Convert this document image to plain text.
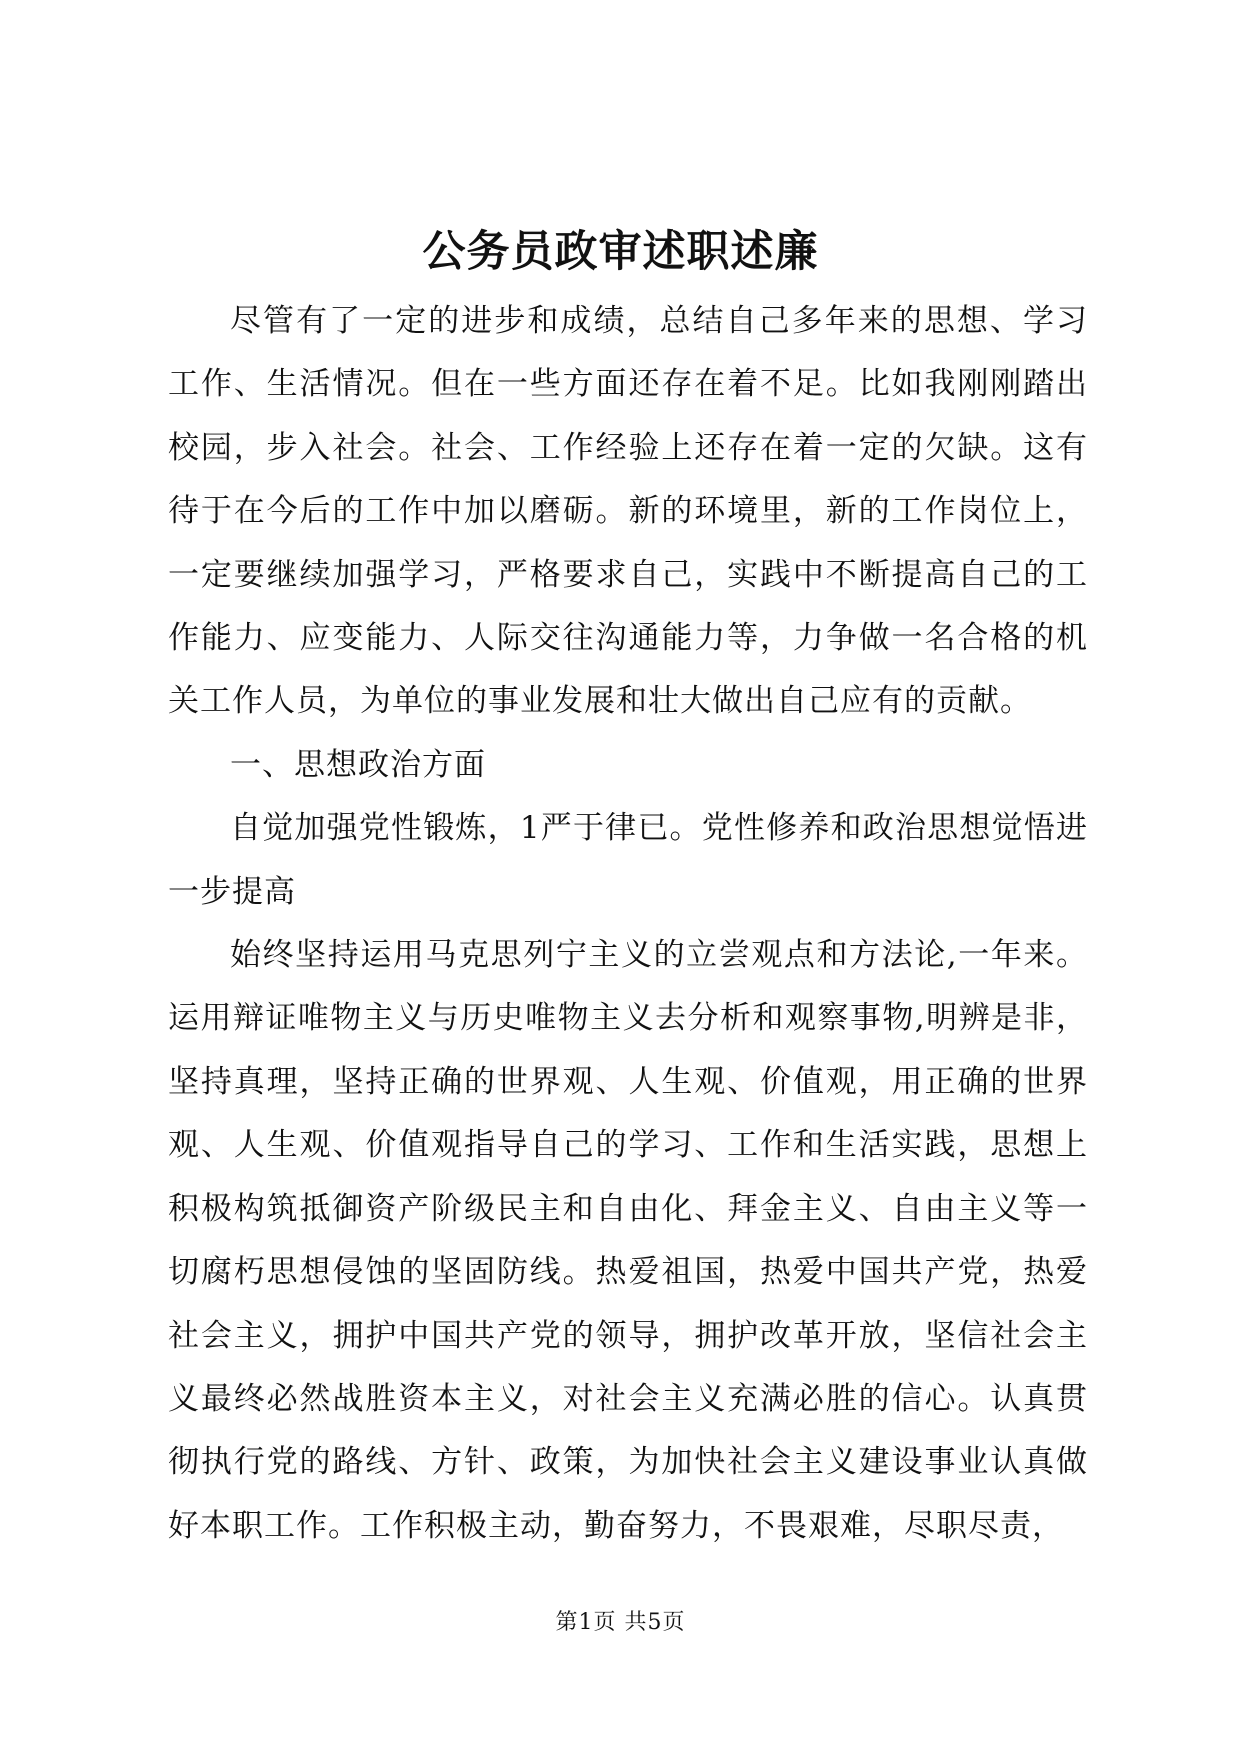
公务员政审述职述廉

尽管有了一定的进步和成绩，总结自己多年来的思想、学习工作、生活情况。但在一些方面还存在着不足。比如我刚刚踏出校园，步入社会。社会、工作经验上还存在着一定的欠缺。这有待于在今后的工作中加以磨砺。新的环境里，新的工作岗位上，一定要继续加强学习，严格要求自己，实践中不断提高自己的工作能力、应变能力、人际交往沟通能力等，力争做一名合格的机关工作人员，为单位的事业发展和壮大做出自己应有的贡献。

一、思想政治方面

自觉加强党性锻炼，1严于律已。党性修养和政治思想觉悟进一步提高

始终坚持运用马克思列宁主义的立尝观点和方法论,一年来。运用辩证唯物主义与历史唯物主义去分析和观察事物,明辨是非，坚持真理，坚持正确的世界观、人生观、价值观，用正确的世界观、人生观、价值观指导自己的学习、工作和生活实践，思想上积极构筑抵御资产阶级民主和自由化、拜金主义、自由主义等一切腐朽思想侵蚀的坚固防线。热爱祖国，热爱中国共产党，热爱社会主义，拥护中国共产党的领导，拥护改革开放，坚信社会主义最终必然战胜资本主义，对社会主义充满必胜的信心。认真贯彻执行党的路线、方针、政策，为加快社会主义建设事业认真做好本职工作。工作积极主动，勤奋努力，不畏艰难，尽职尽责，

第1页 共5页
